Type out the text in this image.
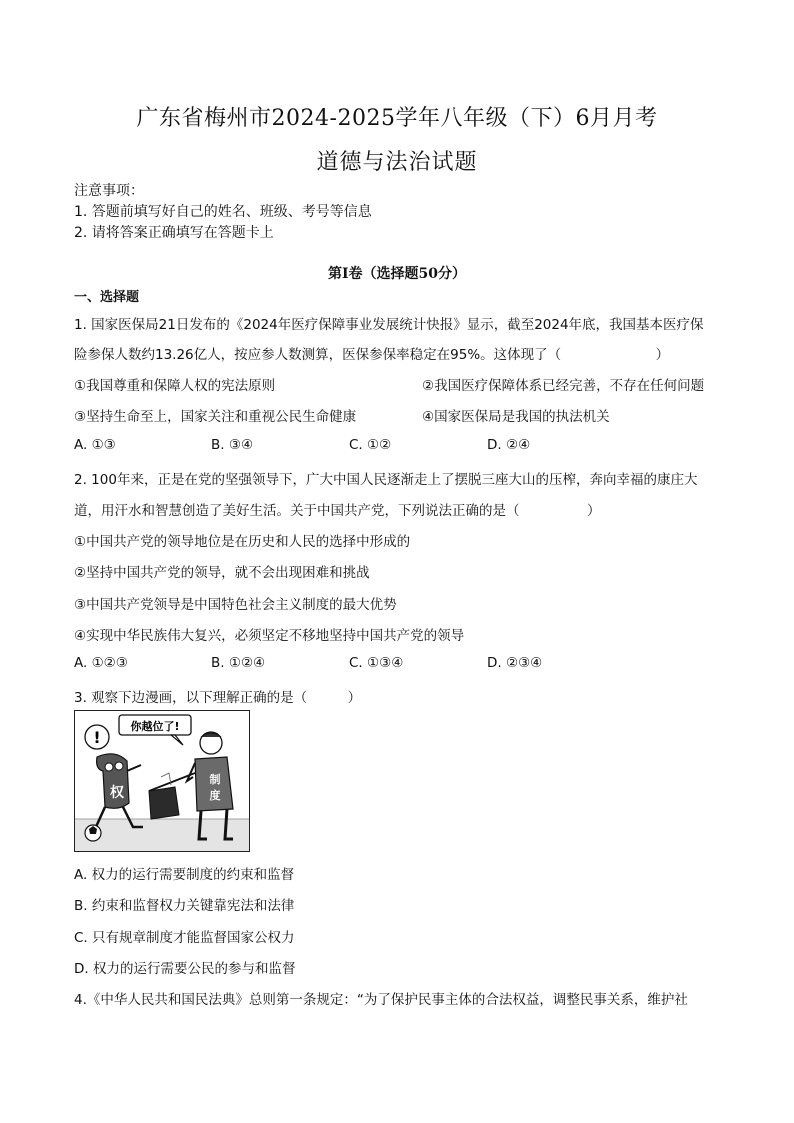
广东省梅州市2024-2025学年八年级（下）6月月考
道德与法治试题
注意事项：
1. 答题前填写好自己的姓名、班级、考号等信息
2. 请将答案正确填写在答题卡上
第Ⅰ卷（选择题50分）
一、选择题
1. 国家医保局21日发布的《2024年医疗保障事业发展统计快报》显示，截至2024年底，我国基本医疗保
险参保人数约13.26亿人，按应参人数测算，医保参保率稳定在95%。这体现了（　　　　　　　）
①我国尊重和保障人权的宪法原则	②我国医疗保障体系已经完善，不存在任何问题
③坚持生命至上，国家关注和重视公民生命健康	④国家医保局是我国的执法机关
A. ①③	B. ③④	C. ①②	D. ②④
2. 100年来，正是在党的坚强领导下，广大中国人民逐渐走上了摆脱三座大山的压榨，奔向幸福的康庄大
道，用汗水和智慧创造了美好生活。关于中国共产党，下列说法正确的是（　　　　　）
①中国共产党的领导地位是在历史和人民的选择中形成的
②坚持中国共产党的领导，就不会出现困难和挑战
③中国共产党领导是中国特色社会主义制度的最大优势
④实现中华民族伟大复兴，必须坚定不移地坚持中国共产党的领导
A. ①②③	B. ①②④	C. ①③④	D. ②③④
3. 观察下边漫画，以下理解正确的是（　　　）
你越位了!
!
权
制
度
A. 权力的运行需要制度的约束和监督
B. 约束和监督权力关键靠宪法和法律
C. 只有规章制度才能监督国家公权力
D. 权力的运行需要公民的参与和监督
4.《中华人民共和国民法典》总则第一条规定：“为了保护民事主体的合法权益，调整民事关系，维护社
